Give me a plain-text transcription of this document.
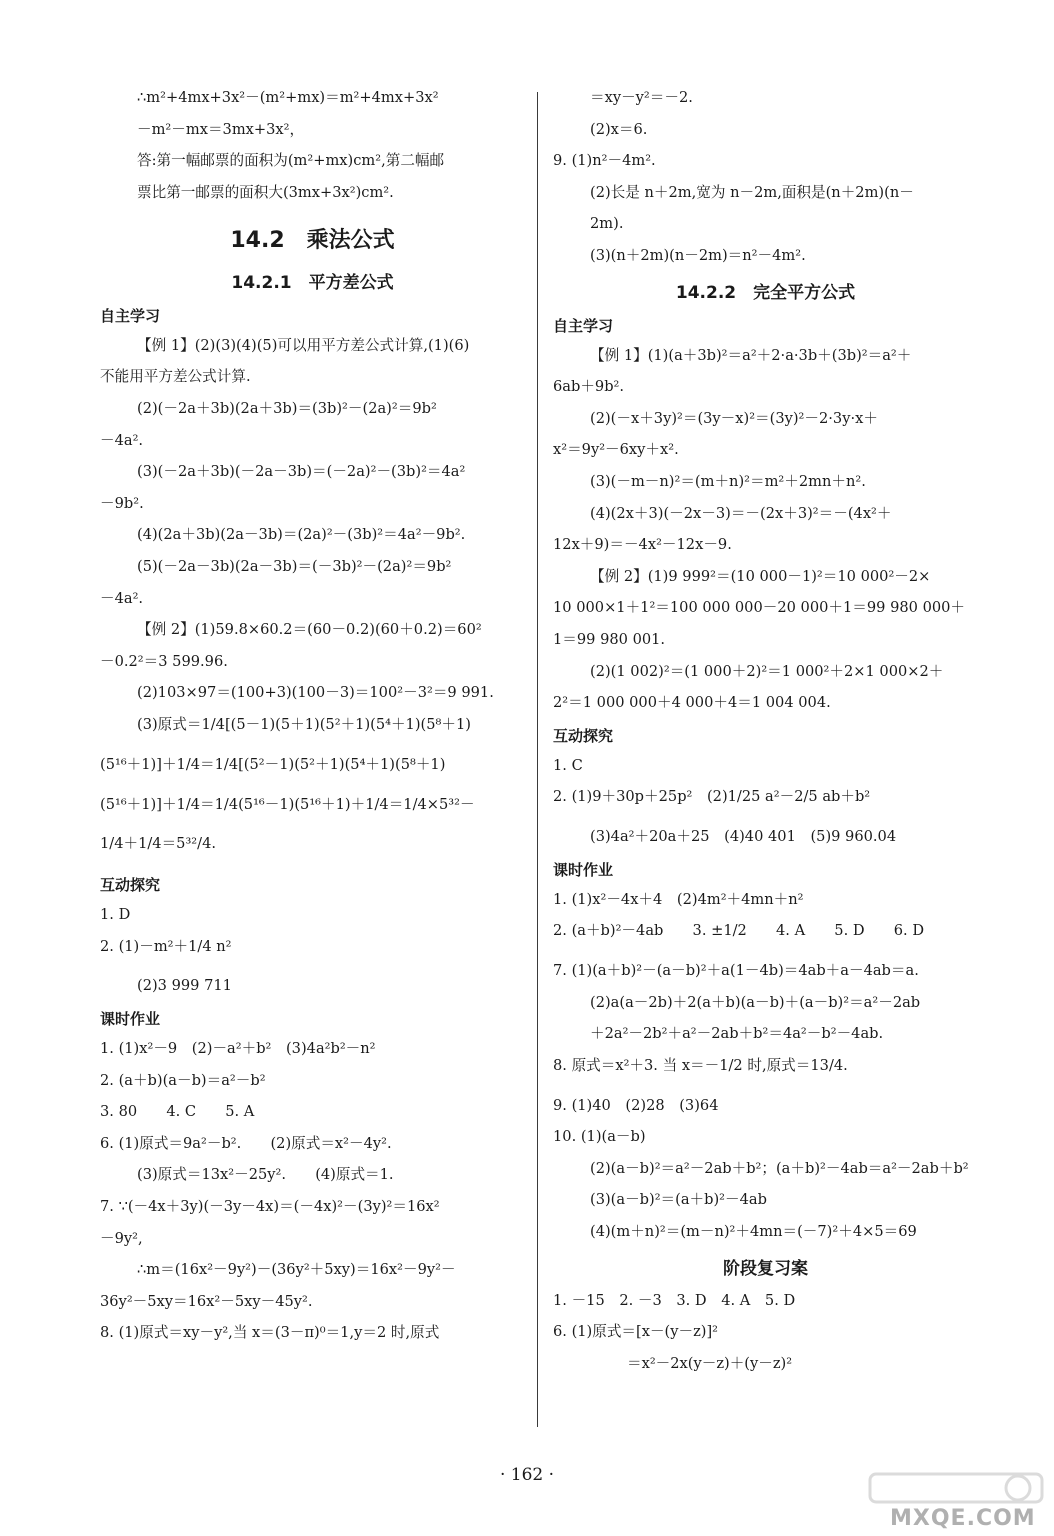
∴m²+4mx+3x²－(m²+mx)＝m²+4mx+3x²
－m²－mx＝3mx+3x²，
答:第一幅邮票的面积为(m²+mx)cm²,第二幅邮
票比第一邮票的面积大(3mx+3x²)cm².
14.2　乘法公式
14.2.1　平方差公式
自主学习
【例 1】(2)(3)(4)(5)可以用平方差公式计算,(1)(6)
不能用平方差公式计算.
(2)(－2a＋3b)(2a＋3b)＝(3b)²－(2a)²＝9b²
－4a².
(3)(－2a＋3b)(－2a－3b)＝(－2a)²－(3b)²＝4a²
－9b².
(4)(2a＋3b)(2a－3b)＝(2a)²－(3b)²＝4a²－9b².
(5)(－2a－3b)(2a－3b)＝(－3b)²－(2a)²＝9b²
－4a².
【例 2】(1)59.8×60.2＝(60－0.2)(60＋0.2)＝60²
－0.2²＝3 599.96.
(2)103×97＝(100+3)(100－3)＝100²－3²＝9 991.
(3)原式＝1/4[(5－1)(5＋1)(5²＋1)(5⁴＋1)(5⁸＋1)
(5¹⁶＋1)]＋1/4＝1/4[(5²－1)(5²＋1)(5⁴＋1)(5⁸＋1)
(5¹⁶＋1)]＋1/4＝1/4(5¹⁶－1)(5¹⁶＋1)＋1/4＝1/4×5³²－
1/4＋1/4＝5³²/4.
互动探究
1. D
2. (1)－m²＋1/4 n²
(2)3 999 711
课时作业
1. (1)x²－9　(2)－a²＋b²　(3)4a²b²－n²
2. (a＋b)(a－b)＝a²－b²
3. 80　　4. C　　5. A
6. (1)原式＝9a²－b².　　(2)原式＝x²－4y².
(3)原式＝13x²－25y².　　(4)原式＝1.
7. ∵(－4x＋3y)(－3y－4x)＝(－4x)²－(3y)²＝16x²
－9y²,
∴m＝(16x²－9y²)－(36y²＋5xy)＝16x²－9y²－
36y²－5xy＝16x²－5xy－45y².
8. (1)原式＝xy－y²,当 x＝(3－π)⁰＝1,y＝2 时,原式
＝xy－y²＝－2.
(2)x＝6.
9. (1)n²－4m².
(2)长是 n＋2m,宽为 n－2m,面积是(n＋2m)(n－
2m).
(3)(n＋2m)(n－2m)＝n²－4m².
14.2.2　完全平方公式
自主学习
【例 1】(1)(a＋3b)²＝a²＋2·a·3b＋(3b)²＝a²＋
6ab＋9b².
(2)(－x＋3y)²＝(3y－x)²＝(3y)²－2·3y·x＋
x²＝9y²－6xy＋x².
(3)(－m－n)²＝(m＋n)²＝m²＋2mn＋n².
(4)(2x＋3)(－2x－3)＝－(2x＋3)²＝－(4x²＋
12x＋9)＝－4x²－12x－9.
【例 2】(1)9 999²＝(10 000－1)²＝10 000²－2×
10 000×1＋1²＝100 000 000－20 000＋1＝99 980 000＋
1＝99 980 001.
(2)(1 002)²＝(1 000＋2)²＝1 000²＋2×1 000×2＋
2²＝1 000 000＋4 000＋4＝1 004 004.
互动探究
1. C
2. (1)9＋30p＋25p²　(2)1/25 a²－2/5 ab＋b²
(3)4a²＋20a＋25　(4)40 401　(5)9 960.04
课时作业
1. (1)x²－4x＋4　(2)4m²＋4mn＋n²
2. (a＋b)²－4ab　　3. ±1/2　　4. A　　5. D　　6. D
7. (1)(a＋b)²－(a－b)²＋a(1－4b)＝4ab＋a－4ab＝a.
(2)a(a－2b)＋2(a＋b)(a－b)＋(a－b)²＝a²－2ab
＋2a²－2b²＋a²－2ab＋b²＝4a²－b²－4ab.
8. 原式＝x²＋3. 当 x＝－1/2 时,原式＝13/4.
9. (1)40　(2)28　(3)64
10. (1)(a－b)
(2)(a－b)²＝a²－2ab＋b²；(a＋b)²－4ab＝a²－2ab＋b²
(3)(a－b)²＝(a＋b)²－4ab
(4)(m＋n)²＝(m－n)²＋4mn＝(－7)²＋4×5＝69
阶段复习案
1. －15　2. －3　3. D　4. A　5. D
6. (1)原式＝[x－(y－z)]²
＝x²－2x(y－z)＋(y－z)²
· 162 ·
MXQE.COM
